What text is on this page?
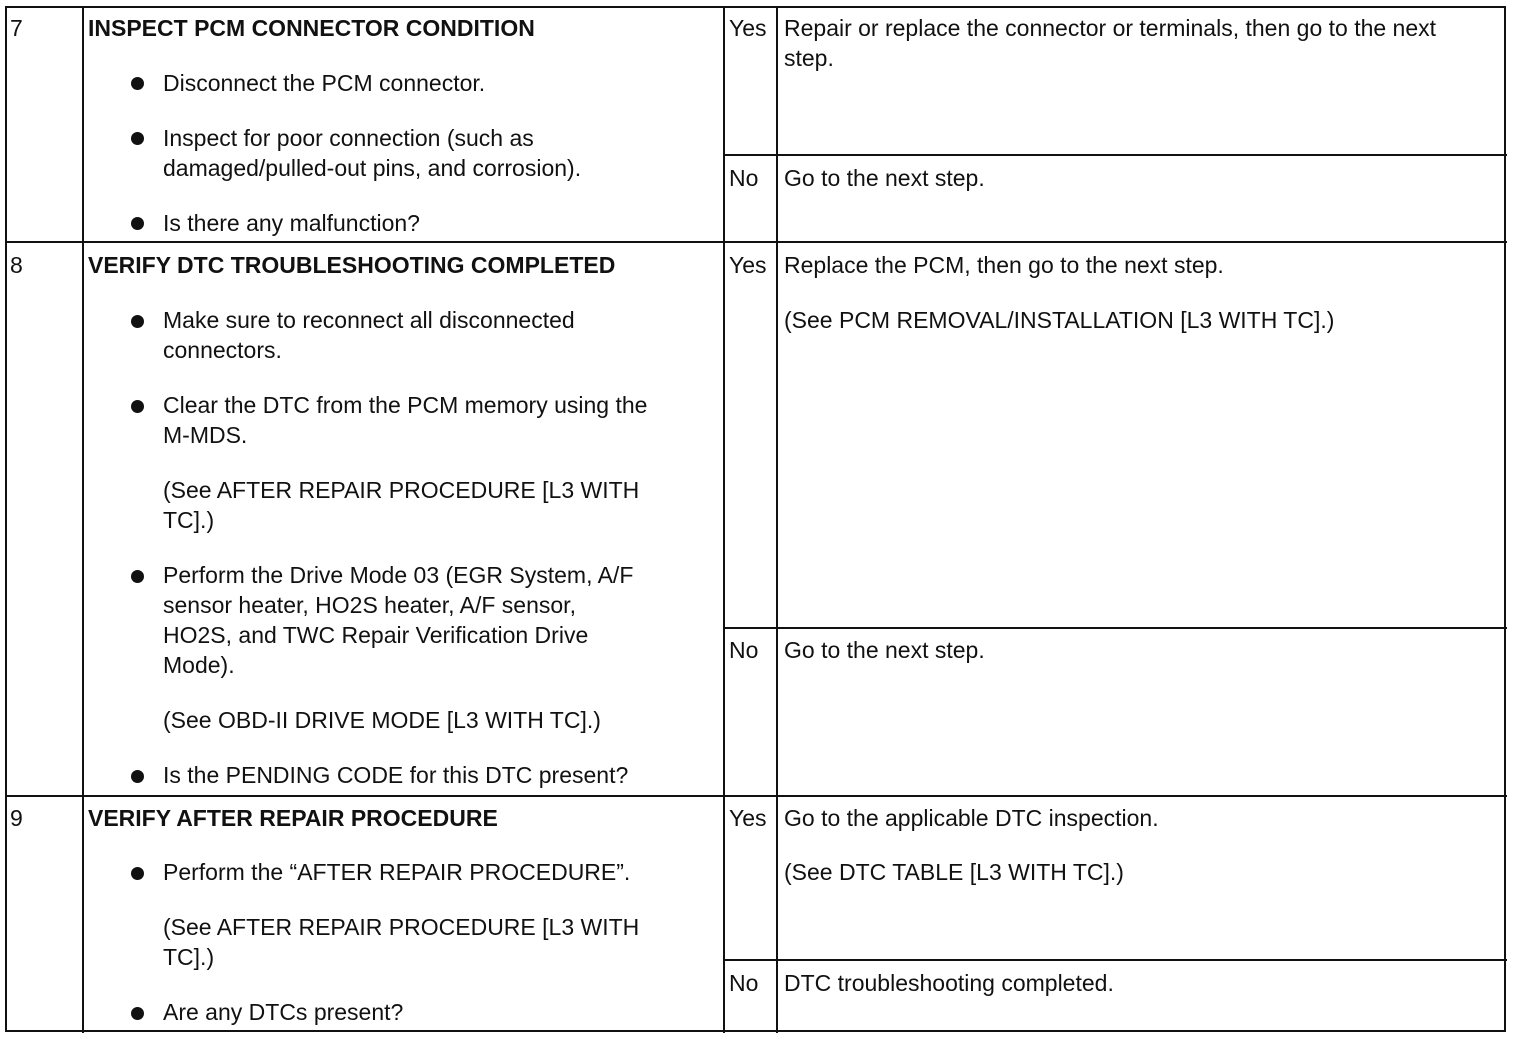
7	INSPECT PCM CONNECTOR CONDITION
Disconnect the PCM connector.
Inspect for poor connection (such as
damaged/pulled-out pins, and corrosion).
Is there any malfunction?
Yes Repair or replace the connector or terminals, then go to the next
step.
No Go to the next step.
8	VERIFY DTC TROUBLESHOOTING COMPLETED
Make sure to reconnect all disconnected
connectors.
Clear the DTC from the PCM memory using the
M-MDS.
(See AFTER REPAIR PROCEDURE [L3 WITH
TC].)
Perform the Drive Mode 03 (EGR System, A/F
sensor heater, HO2S heater, A/F sensor,
HO2S, and TWC Repair Verification Drive
Mode).
(See OBD-II DRIVE MODE [L3 WITH TC].)
Is the PENDING CODE for this DTC present?
Yes Replace the PCM, then go to the next step.
(See PCM REMOVAL/INSTALLATION [L3 WITH TC].)
No Go to the next step.
9	VERIFY AFTER REPAIR PROCEDURE
Perform the “AFTER REPAIR PROCEDURE”.
(See AFTER REPAIR PROCEDURE [L3 WITH
TC].)
Are any DTCs present?
Yes Go to the applicable DTC inspection.
(See DTC TABLE [L3 WITH TC].)
No DTC troubleshooting completed.
